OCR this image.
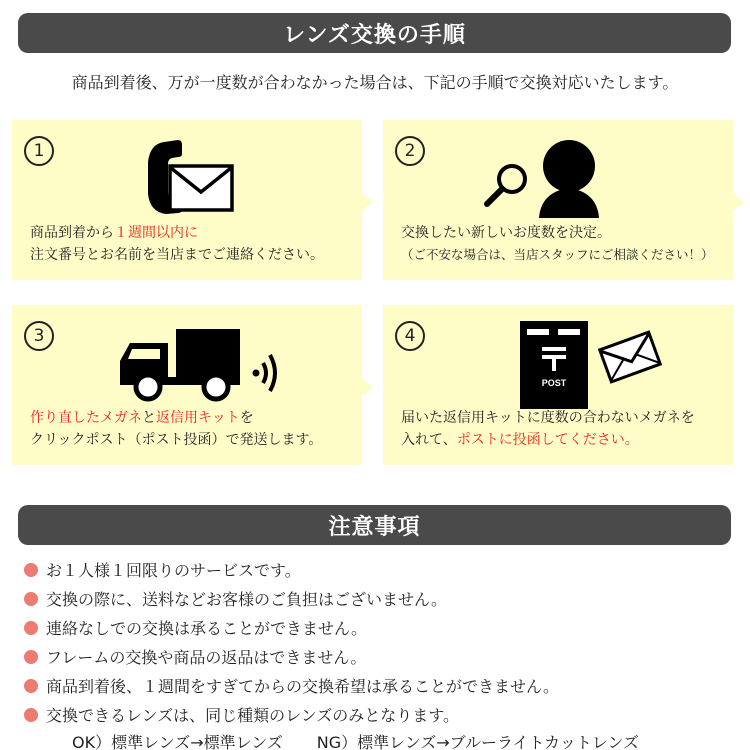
レンズ交換の手順
商品到着後、万が一度数が合わなかった場合は、下記の手順で交換対応いたします。
1
商品到着から１週間以内に
注文番号とお名前を当店までご連絡ください。
2
交換したい新しいお度数を決定。
（ご不安な場合は、当店スタッフにご相談ください！）
3
作り直したメガネと返信用キットを
クリックポスト（ポスト投函）で発送します。
4
POST
届いた返信用キットに度数の合わないメガネを
入れて、ポストに投函してください。
注意事項
お１人様１回限りのサービスです。
交換の際に、送料などお客様のご負担はございません。
連絡なしでの交換は承ることができません。
フレームの交換や商品の返品はできません。
商品到着後、１週間をすぎてからの交換希望は承ることができません。
交換できるレンズは、同じ種類のレンズのみとなります。
OK）標準レンズ→標準レンズ NG）標準レンズ→ブルーライトカットレンズ
